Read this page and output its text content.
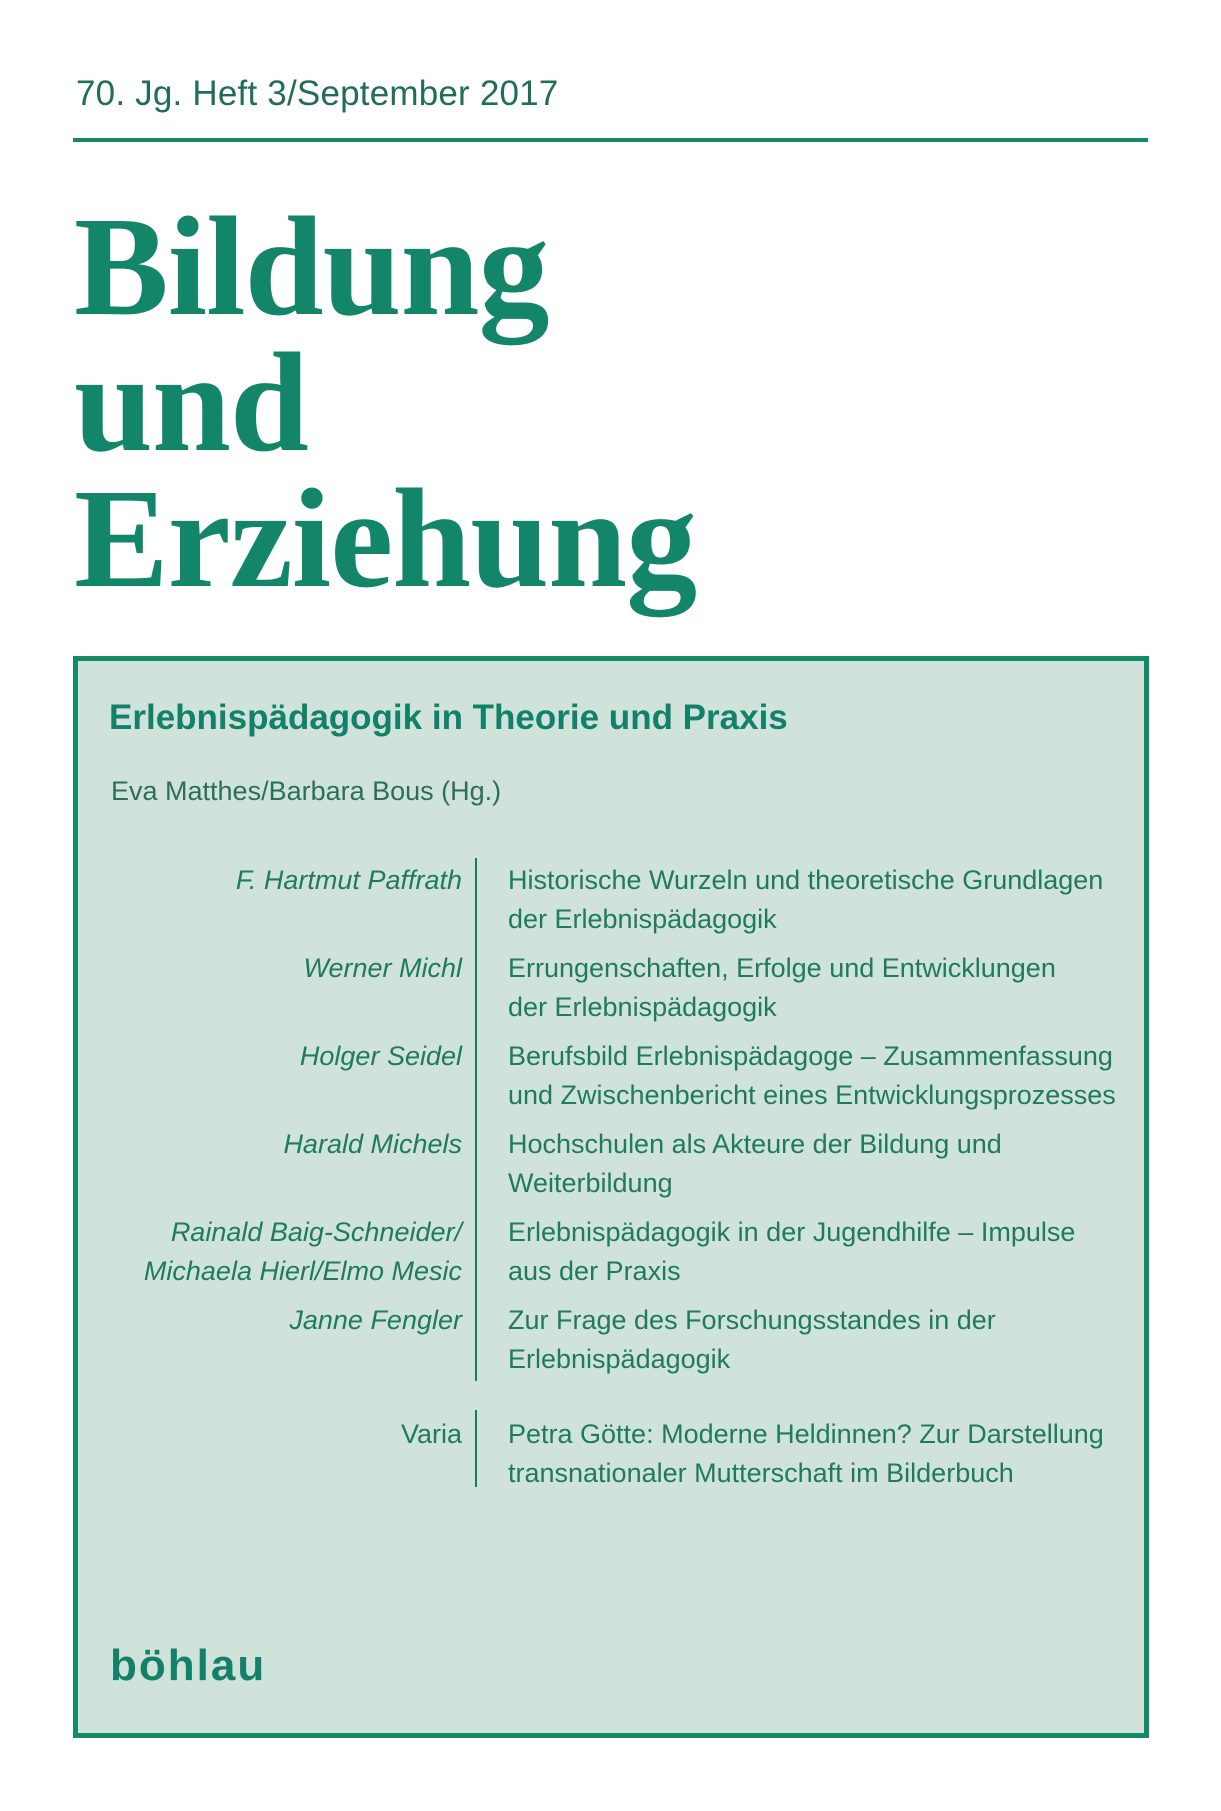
70. Jg. Heft 3/September 2017
Bildung
und
Erziehung
Erlebnispädagogik in Theorie und Praxis
Eva Matthes/Barbara Bous (Hg.)
F. Hartmut Paffrath Historische Wurzeln und theoretische Grundlagen
der Erlebnispädagogik
Werner Michl Errungenschaften, Erfolge und Entwicklungen
der Erlebnispädagogik
Holger Seidel Berufsbild Erlebnispädagoge – Zusammenfassung
und Zwischenbericht eines Entwicklungsprozesses
Harald Michels Hochschulen als Akteure der Bildung und
Weiterbildung
Rainald Baig-Schneider/
Michaela Hierl/Elmo Mesic
Erlebnispädagogik in der Jugendhilfe – Impulse
aus der Praxis
Janne Fengler Zur Frage des Forschungsstandes in der
Erlebnispädagogik
Varia Petra Götte: Moderne Heldinnen? Zur Darstellung
transnationaler Mutterschaft im Bilderbuch
böhlau
